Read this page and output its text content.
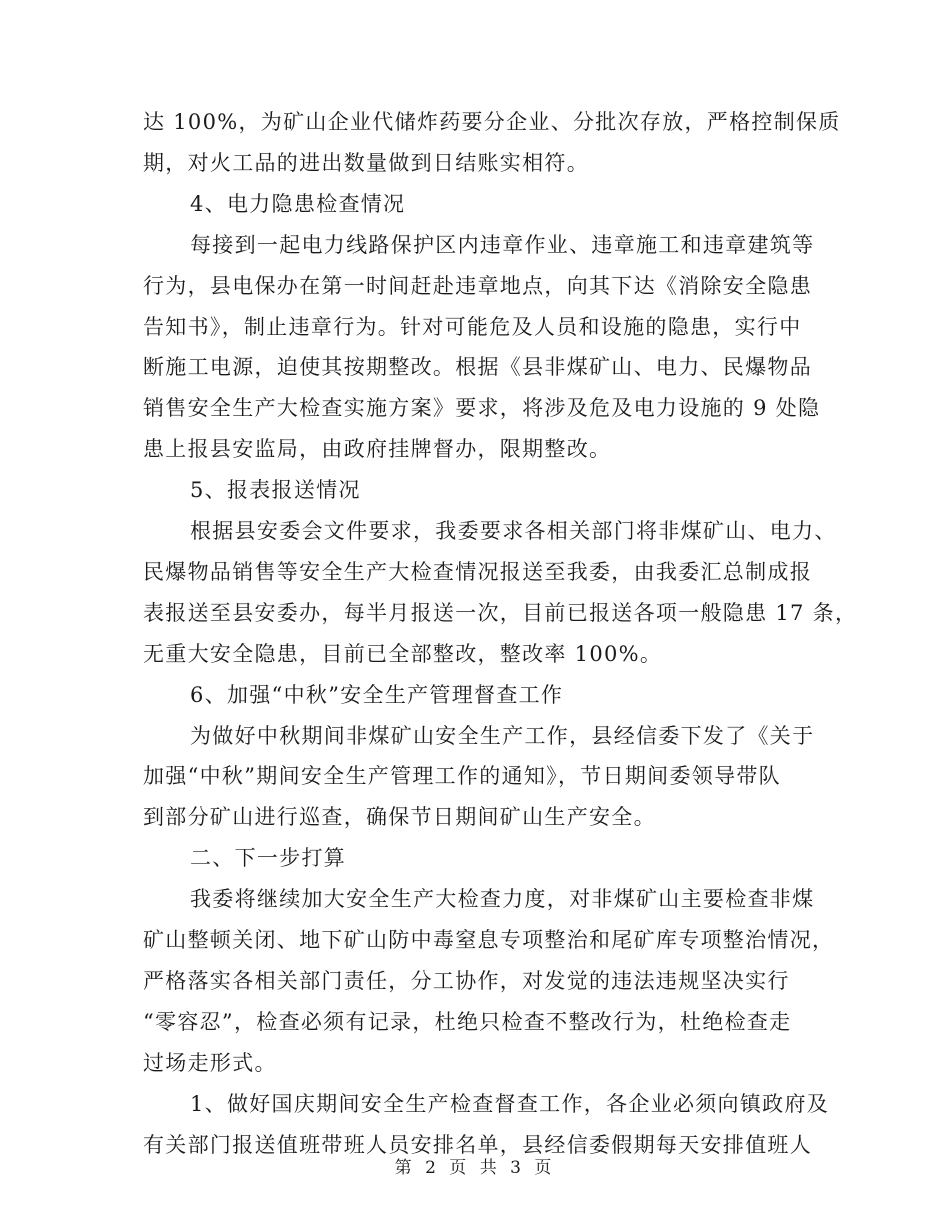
达 100%，为矿山企业代储炸药要分企业、分批次存放，严格控制保质
期，对火工品的进出数量做到日结账实相符。
4、电力隐患检查情况
每接到一起电力线路保护区内违章作业、违章施工和违章建筑等
行为，县电保办在第一时间赶赴违章地点，向其下达《消除安全隐患
告知书》，制止违章行为。针对可能危及人员和设施的隐患，实行中
断施工电源，迫使其按期整改。根据《县非煤矿山、电力、民爆物品
销售安全生产大检查实施方案》要求，将涉及危及电力设施的 9 处隐
患上报县安监局，由政府挂牌督办，限期整改。
5、报表报送情况
根据县安委会文件要求，我委要求各相关部门将非煤矿山、电力、
民爆物品销售等安全生产大检查情况报送至我委，由我委汇总制成报
表报送至县安委办，每半月报送一次，目前已报送各项一般隐患 17 条，
无重大安全隐患，目前已全部整改，整改率 100%。
6、加强“中秋”安全生产管理督查工作
为做好中秋期间非煤矿山安全生产工作，县经信委下发了《关于
加强“中秋”期间安全生产管理工作的通知》，节日期间委领导带队
到部分矿山进行巡查，确保节日期间矿山生产安全。
二、下一步打算
我委将继续加大安全生产大检查力度，对非煤矿山主要检查非煤
矿山整顿关闭、地下矿山防中毒窒息专项整治和尾矿库专项整治情况，
严格落实各相关部门责任，分工协作，对发觉的违法违规坚决实行
“零容忍”，检查必须有记录，杜绝只检查不整改行为，杜绝检查走
过场走形式。
1、做好国庆期间安全生产检查督查工作，各企业必须向镇政府及
有关部门报送值班带班人员安排名单，县经信委假期每天安排值班人
第 2 页 共 3 页
